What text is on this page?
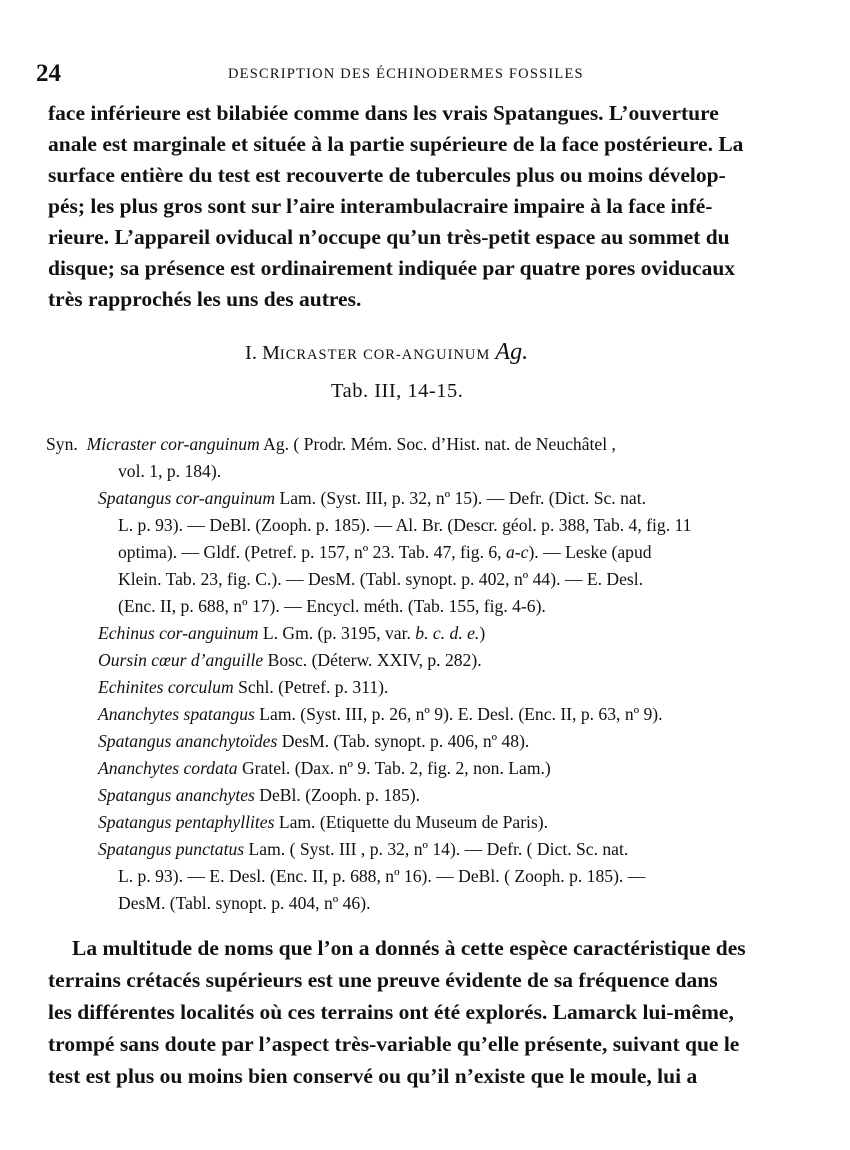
24	DESCRIPTION DES ÉCHINODERMES FOSSILES
face inférieure est bilabiée comme dans les vrais Spatangues. L’ouverture
anale est marginale et située à la partie supérieure de la face postérieure. La
surface entière du test est recouverte de tubercules plus ou moins dévelop-
pés; les plus gros sont sur l’aire interambulacraire impaire à la face infé-
rieure. L’appareil oviducal n’occupe qu’un très-petit espace au sommet du
disque; sa présence est ordinairement indiquée par quatre pores oviducaux
très rapprochés les uns des autres.
I. MICRASTER COR-ANGUINUM Ag.
Tab. III, 14-15.
Syn. Micraster cor-anguinum Ag. ( Prodr. Mém. Soc. d’Hist. nat. de Neuchâtel ,
vol. 1, p. 184).
Spatangus cor-anguinum Lam. (Syst. III, p. 32, nº 15). — Defr. (Dict. Sc. nat.
L. p. 93). — DeBl. (Zooph. p. 185). — Al. Br. (Descr. géol. p. 388, Tab. 4, fig. 11
optima). — Gldf. (Petref. p. 157, nº 23. Tab. 47, fig. 6, a-c). — Leske (apud
Klein. Tab. 23, fig. C.). — DesM. (Tabl. synopt. p. 402, nº 44). — E. Desl.
(Enc. II, p. 688, nº 17). — Encycl. méth. (Tab. 155, fig. 4-6).
Echinus cor-anguinum L. Gm. (p. 3195, var. b. c. d. e.)
Oursin cœur d’anguille Bosc. (Déterw. XXIV, p. 282).
Echinites corculum Schl. (Petref. p. 311).
Ananchytes spatangus Lam. (Syst. III, p. 26, nº 9). E. Desl. (Enc. II, p. 63, nº 9).
Spatangus ananchytoïdes DesM. (Tab. synopt. p. 406, nº 48).
Ananchytes cordata Gratel. (Dax. nº 9. Tab. 2, fig. 2, non. Lam.)
Spatangus ananchytes DeBl. (Zooph. p. 185).
Spatangus pentaphyllites Lam. (Etiquette du Museum de Paris).
Spatangus punctatus Lam. ( Syst. III , p. 32, nº 14). — Defr. ( Dict. Sc. nat.
L. p. 93). — E. Desl. (Enc. II, p. 688, nº 16). — DeBl. ( Zooph. p. 185). —
DesM. (Tabl. synopt. p. 404, nº 46).
La multitude de noms que l’on a donnés à cette espèce caractéristique des
terrains crétacés supérieurs est une preuve évidente de sa fréquence dans
les différentes localités où ces terrains ont été explorés. Lamarck lui-même,
trompé sans doute par l’aspect très-variable qu’elle présente, suivant que le
test est plus ou moins bien conservé ou qu’il n’existe que le moule, lui a
